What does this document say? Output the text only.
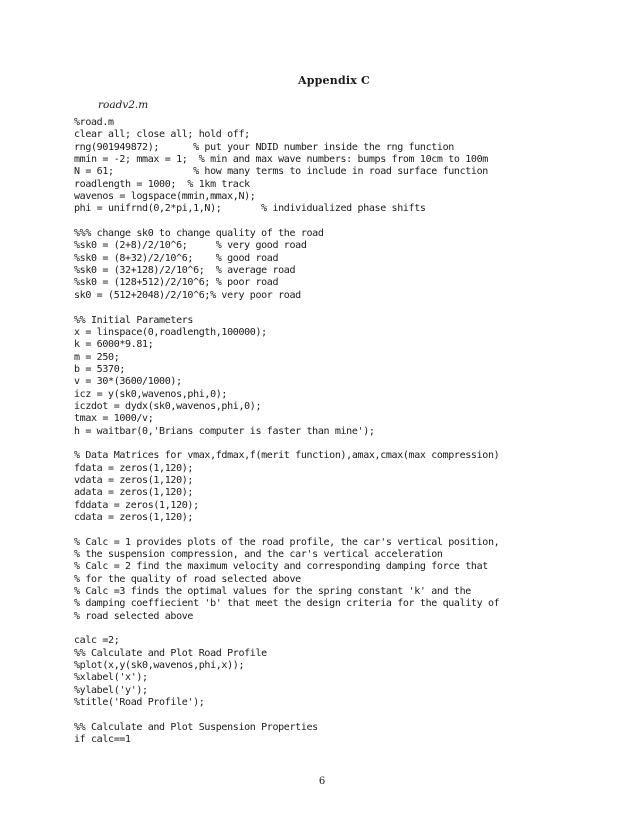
Appendix C
roadv2.m
%road.m
clear all; close all; hold off;
rng(901949872);      % put your NDID number inside the rng function
mmin = -2; mmax = 1;  % min and max wave numbers: bumps from 10cm to 100m
N = 61;              % how many terms to include in road surface function
roadlength = 1000;  % 1km track
wavenos = logspace(mmin,mmax,N);
phi = unifrnd(0,2*pi,1,N);       % individualized phase shifts
%%% change sk0 to change quality of the road
%sk0 = (2+8)/2/10^6;     % very good road
%sk0 = (8+32)/2/10^6;    % good road
%sk0 = (32+128)/2/10^6;  % average road
%sk0 = (128+512)/2/10^6; % poor road
sk0 = (512+2048)/2/10^6;% very poor road
%% Initial Parameters
x = linspace(0,roadlength,100000);
k = 6000*9.81;
m = 250;
b = 5370;
v = 30*(3600/1000);
icz = y(sk0,wavenos,phi,0);
iczdot = dydx(sk0,wavenos,phi,0);
tmax = 1000/v;
h = waitbar(0,'Brians computer is faster than mine');
% Data Matrices for vmax,fdmax,f(merit function),amax,cmax(max compression)
fdata = zeros(1,120);
vdata = zeros(1,120);
adata = zeros(1,120);
fddata = zeros(1,120);
cdata = zeros(1,120);
% Calc = 1 provides plots of the road profile, the car's vertical position,
% the suspension compression, and the car's vertical acceleration
% Calc = 2 find the maximum velocity and corresponding damping force that
% for the quality of road selected above
% Calc =3 finds the optimal values for the spring constant 'k' and the
% damping coeffiecient 'b' that meet the design criteria for the quality of
% road selected above
calc =2;
%% Calculate and Plot Road Profile
%plot(x,y(sk0,wavenos,phi,x));
%xlabel('x');
%ylabel('y');
%title('Road Profile');
%% Calculate and Plot Suspension Properties
if calc==1
6
